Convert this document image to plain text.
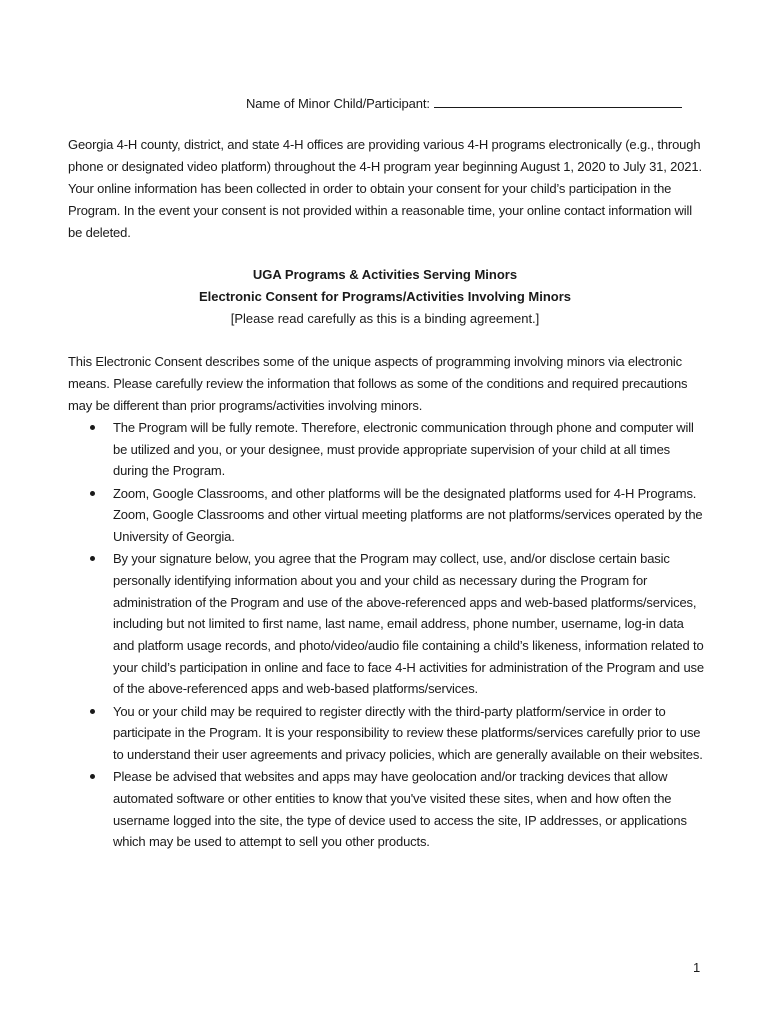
Name of Minor Child/Participant:

Georgia 4-H county, district, and state 4-H offices are providing various 4-H programs electronically (e.g., through phone or designated video platform) throughout the 4-H program year beginning August 1, 2020 to July 31, 2021. Your online information has been collected in order to obtain your consent for your child’s participation in the Program. In the event your consent is not provided within a reasonable time, your online contact information will be deleted.

UGA Programs & Activities Serving Minors

Electronic Consent for Programs/Activities Involving Minors

[Please read carefully as this is a binding agreement.]

This Electronic Consent describes some of the unique aspects of programming involving minors via electronic means. Please carefully review the information that follows as some of the conditions and required precautions may be different than prior programs/activities involving minors.

The Program will be fully remote. Therefore, electronic communication through phone and computer will be utilized and you, or your designee, must provide appropriate supervision of your child at all times during the Program.
Zoom, Google Classrooms, and other platforms will be the designated platforms used for 4-H Programs. Zoom, Google Classrooms and other virtual meeting platforms are not platforms/services operated by the University of Georgia.
By your signature below, you agree that the Program may collect, use, and/or disclose certain basic personally identifying information about you and your child as necessary during the Program for administration of the Program and use of the above-referenced apps and web-based platforms/services, including but not limited to first name, last name, email address, phone number, username, log-in data and platform usage records, and photo/video/audio file containing a child’s likeness, information related to your child’s participation in online and face to face 4-H activities for administration of the Program and use of the above-referenced apps and web-based platforms/services.
You or your child may be required to register directly with the third-party platform/service in order to participate in the Program. It is your responsibility to review these platforms/services carefully prior to use to understand their user agreements and privacy policies, which are generally available on their websites.
Please be advised that websites and apps may have geolocation and/or tracking devices that allow automated software or other entities to know that you've visited these sites, when and how often the username logged into the site, the type of device used to access the site, IP addresses, or applications which may be used to attempt to sell you other products.
1
